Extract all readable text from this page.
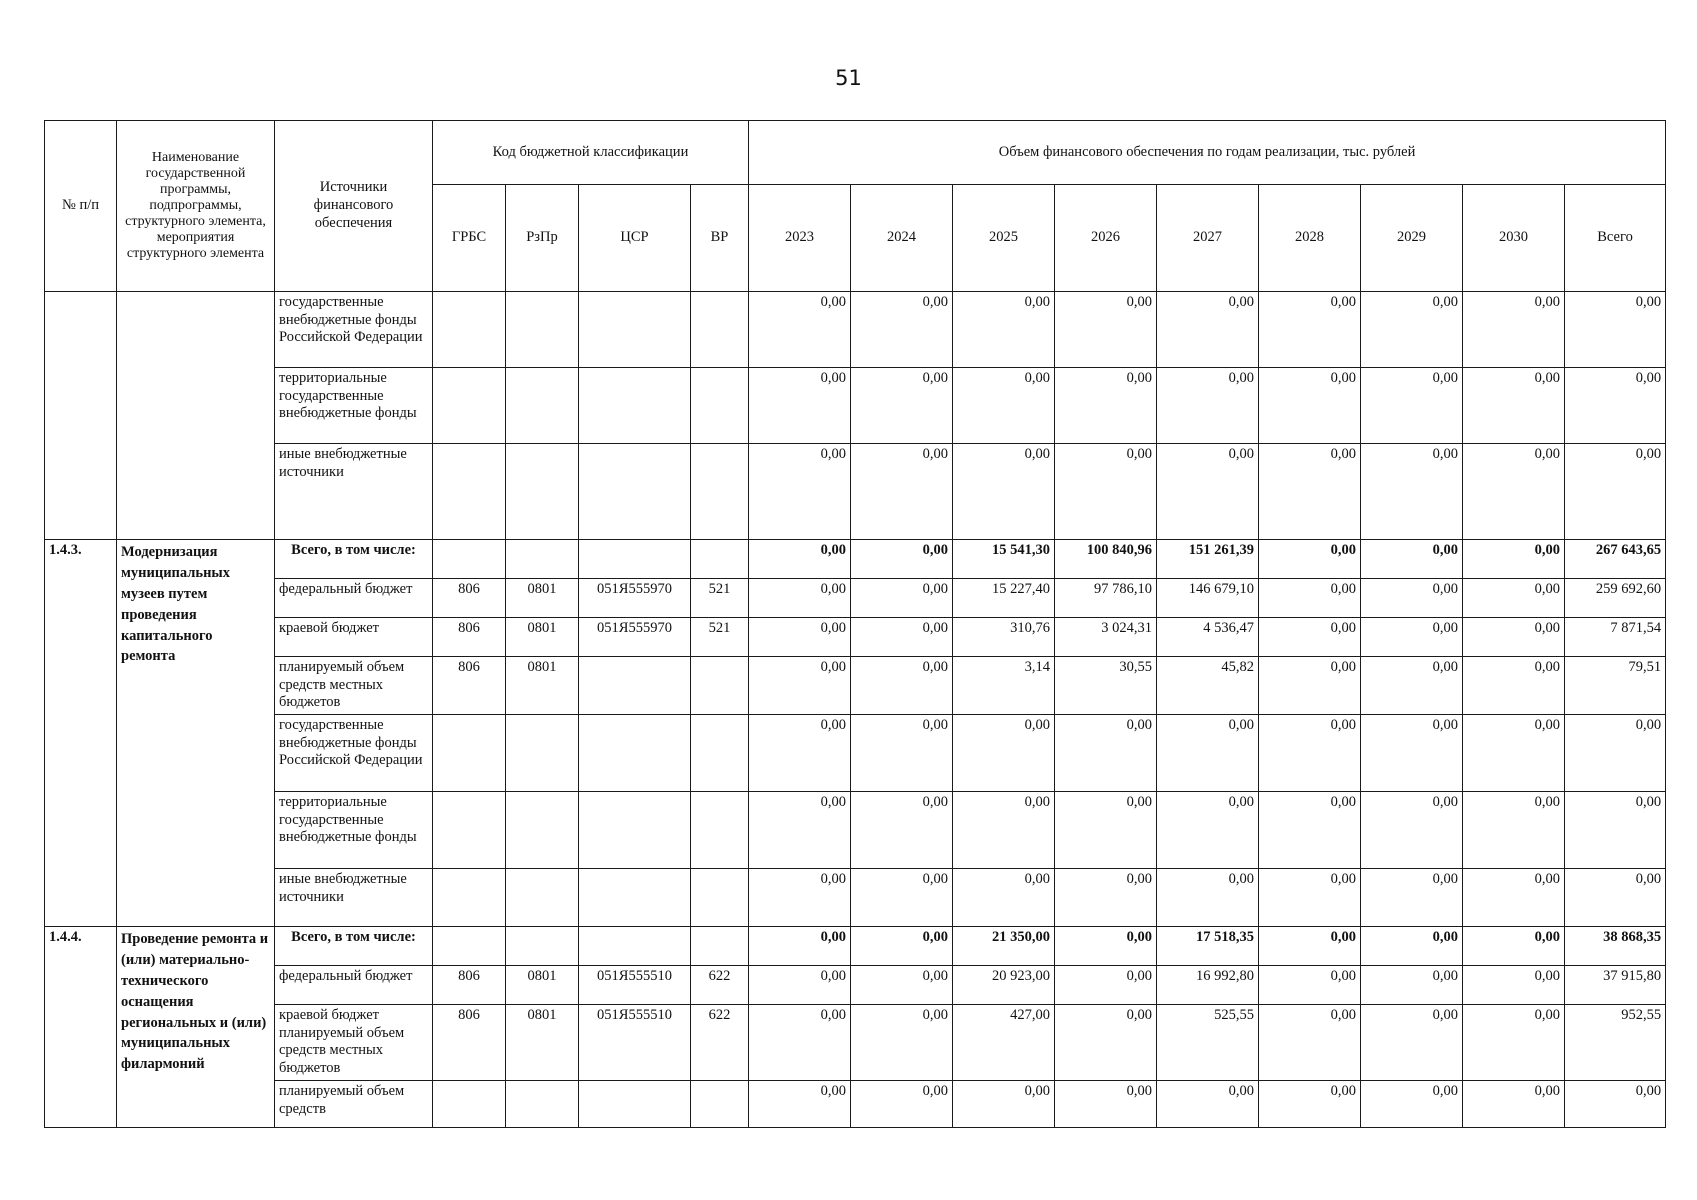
51
№ п/п	Наименование государственной программы, подпрограммы, структурного элемента, мероприятия структурного элемента	Источники финансового обеспечения	Код бюджетной классификации				Объем финансового обеспечения по годам реализации, тыс. рублей								
			ГРБС	РзПр	ЦСР	ВР	2023	2024	2025	2026	2027	2028	2029	2030	Всего
		государственные внебюджетные фонды Российской Федерации					0,00	0,00	0,00	0,00	0,00	0,00	0,00	0,00	0,00
		территориальные государственные внебюджетные фонды					0,00	0,00	0,00	0,00	0,00	0,00	0,00	0,00	0,00
		иные внебюджетные источники					0,00	0,00	0,00	0,00	0,00	0,00	0,00	0,00	0,00
1.4.3.	Модернизация муниципальных музеев путем проведения капитального ремонта	Всего, в том числе:					0,00	0,00	15 541,30	100 840,96	151 261,39	0,00	0,00	0,00	267 643,65
		федеральный бюджет	806	0801	051Я555970	521	0,00	0,00	15 227,40	97 786,10	146 679,10	0,00	0,00	0,00	259 692,60
		краевой бюджет	806	0801	051Я555970	521	0,00	0,00	310,76	3 024,31	4 536,47	0,00	0,00	0,00	7 871,54
		планируемый объем средств местных бюджетов	806	0801			0,00	0,00	3,14	30,55	45,82	0,00	0,00	0,00	79,51
		государственные внебюджетные фонды Российской Федерации					0,00	0,00	0,00	0,00	0,00	0,00	0,00	0,00	0,00
		территориальные государственные внебюджетные фонды					0,00	0,00	0,00	0,00	0,00	0,00	0,00	0,00	0,00
		иные внебюджетные источники					0,00	0,00	0,00	0,00	0,00	0,00	0,00	0,00	0,00
1.4.4.	Проведение ремонта и (или) материально-технического оснащения региональных и (или) муниципальных филармоний	Всего, в том числе:					0,00	0,00	21 350,00	0,00	17 518,35	0,00	0,00	0,00	38 868,35
		федеральный бюджет	806	0801	051Я555510	622	0,00	0,00	20 923,00	0,00	16 992,80	0,00	0,00	0,00	37 915,80
		краевой бюджет планируемый объем средств местных бюджетов	806	0801	051Я555510	622	0,00	0,00	427,00	0,00	525,55	0,00	0,00	0,00	952,55
		планируемый объем средств					0,00	0,00	0,00	0,00	0,00	0,00	0,00	0,00	0,00
